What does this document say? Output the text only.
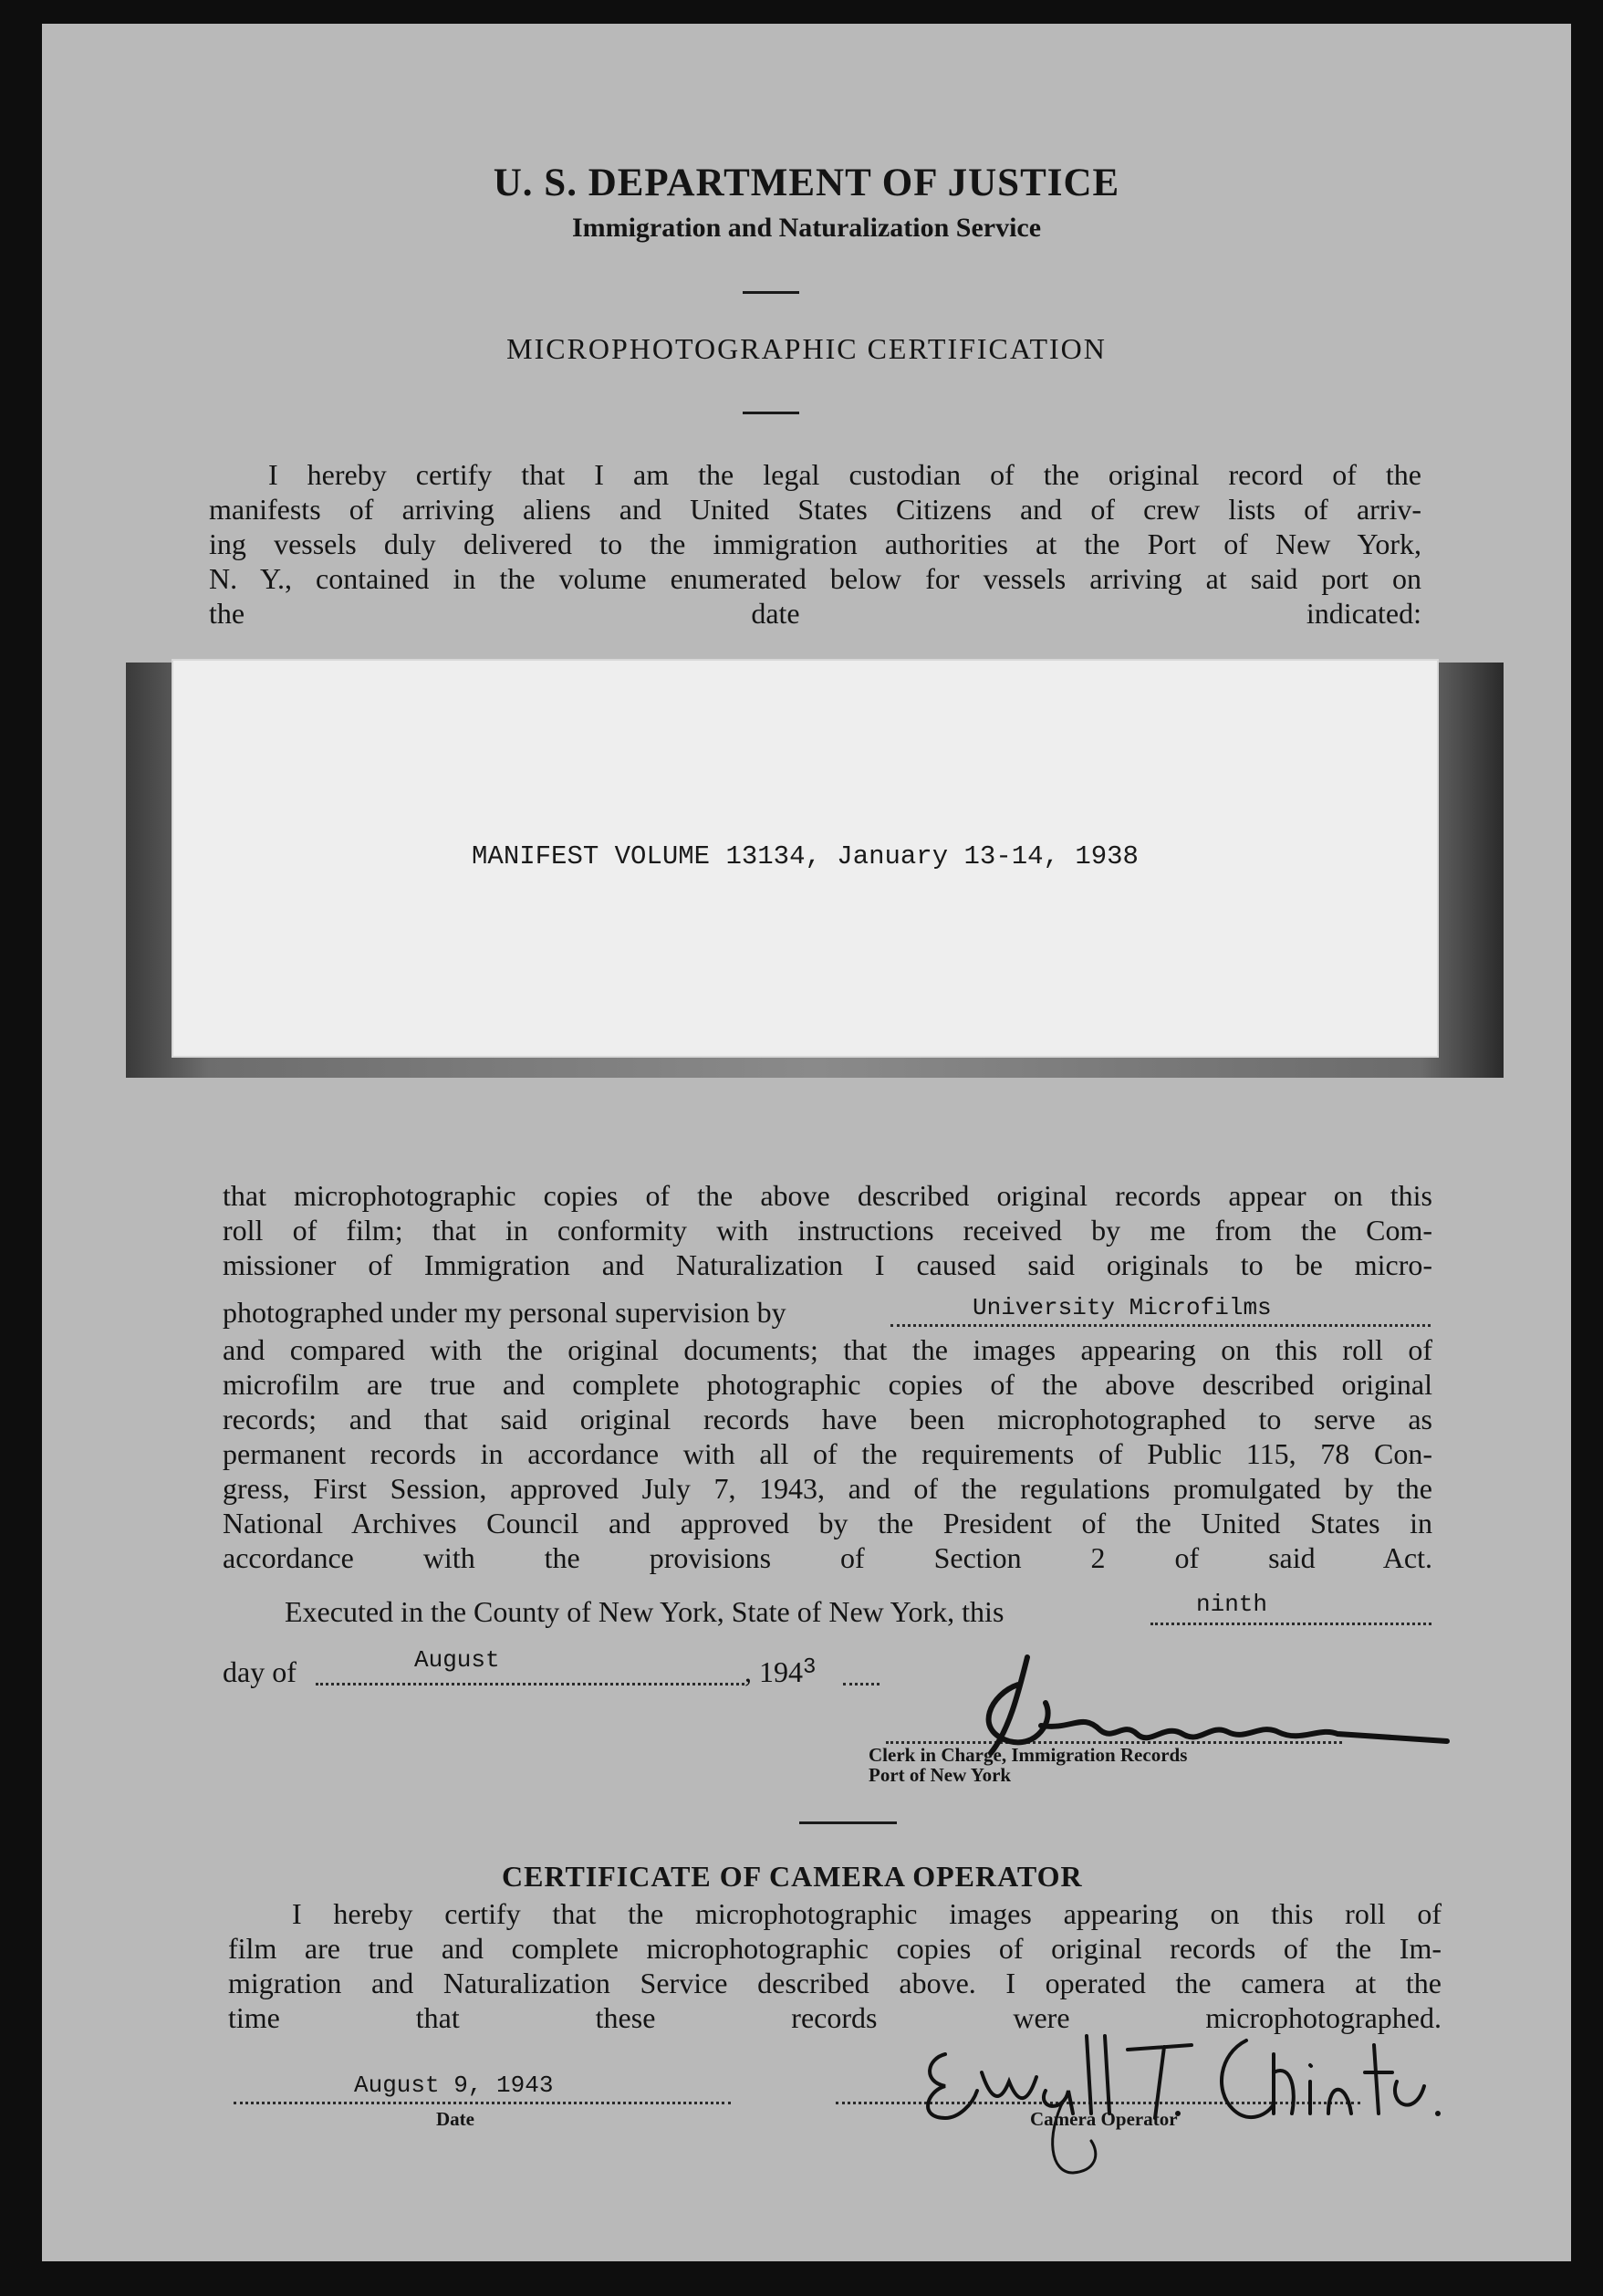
U. S. DEPARTMENT OF JUSTICE
Immigration and Naturalization Service
MICROPHOTOGRAPHIC CERTIFICATION
I hereby certify that I am the legal custodian of the original record of the
manifests of arriving aliens and United States Citizens and of crew lists of arriv-
ing vessels duly delivered to the immigration authorities at the Port of New York,
N. Y., contained in the volume enumerated below for vessels arriving at said port on
the date indicated:
MANIFEST VOLUME 13134, January 13-14, 1938
that microphotographic copies of the above described original records appear on this
roll of film; that in conformity with instructions received by me from the Com-
missioner of Immigration and Naturalization I caused said originals to be micro-
photographed under my personal supervision by	University Microfilms
and compared with the original documents; that the images appearing on this roll of
microfilm are true and complete photographic copies of the above described original
records; and that said original records have been microphotographed to serve as
permanent records in accordance with all of the requirements of Public 115, 78 Con-
gress, First Session, approved July 7, 1943, and of the regulations promulgated by the
National Archives Council and approved by the President of the United States in
accordance with the provisions of Section 2 of said Act.
Executed in the County of New York, State of New York, this	ninth
day of	August	, $194^3$
Clerk in Charge, Immigration Records
Port of New York
CERTIFICATE OF CAMERA OPERATOR
I hereby certify that the microphotographic images appearing on this roll of
film are true and complete microphotographic copies of original records of the Im-
migration and Naturalization Service described above. I operated the camera at the
time that these records were microphotographed.
August 9, 1943
Date	Camera Operator
